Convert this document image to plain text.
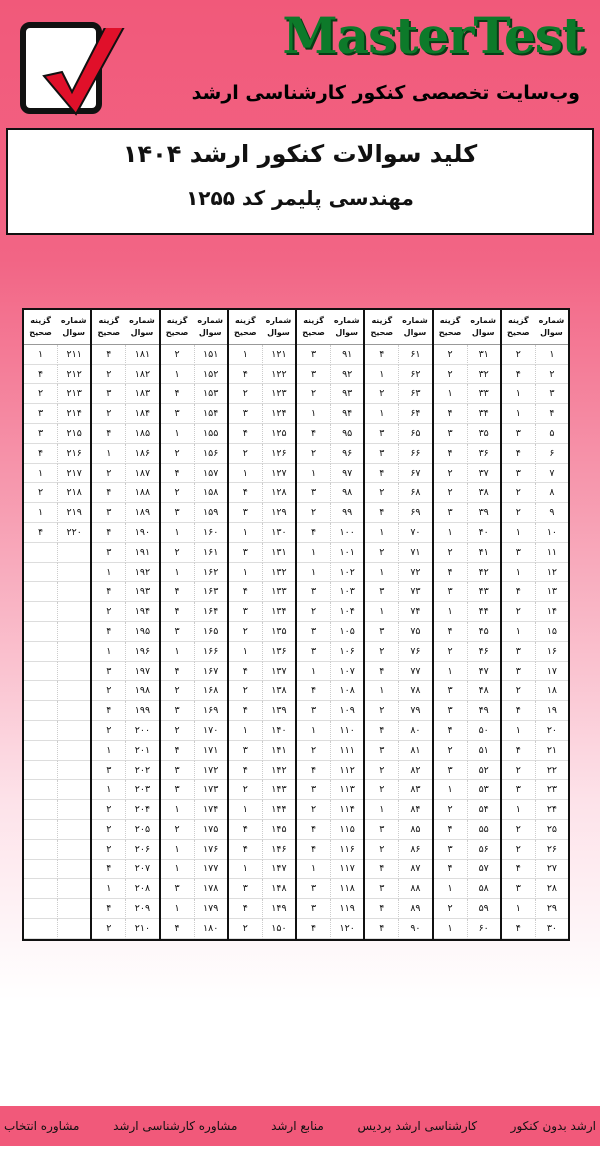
MasterTest
وب‌سایت تخصصی کنکور کارشناسی ارشد
کلید سوالات کنکور ارشد ۱۴۰۴
مهندسی پلیمر کد ۱۲۵۵
شماره
سوال
۱
۲
۳
۴
۵
۶
۷
۸
۹
۱۰
۱۱
۱۲
۱۳
۱۴
۱۵
۱۶
۱۷
۱۸
۱۹
۲۰
۲۱
۲۲
۲۳
۲۴
۲۵
۲۶
۲۷
۲۸
۲۹
۳۰
گزینه
صحیح
۲
۴
۱
۱
۳
۴
۳
۲
۲
۱
۳
۱
۴
۲
۱
۳
۳
۲
۴
۱
۴
۲
۳
۱
۲
۲
۴
۳
۱
۴
شماره
سوال
۳۱
۳۲
۳۳
۳۴
۳۵
۳۶
۳۷
۳۸
۳۹
۴۰
۴۱
۴۲
۴۳
۴۴
۴۵
۴۶
۴۷
۴۸
۴۹
۵۰
۵۱
۵۲
۵۳
۵۴
۵۵
۵۶
۵۷
۵۸
۵۹
۶۰
گزینه
صحیح
۲
۲
۱
۴
۳
۴
۲
۲
۳
۱
۲
۴
۳
۱
۴
۲
۱
۳
۳
۴
۲
۳
۱
۲
۴
۳
۴
۱
۲
۱
شماره
سوال
۶۱
۶۲
۶۳
۶۴
۶۵
۶۶
۶۷
۶۸
۶۹
۷۰
۷۱
۷۲
۷۳
۷۴
۷۵
۷۶
۷۷
۷۸
۷۹
۸۰
۸۱
۸۲
۸۳
۸۴
۸۵
۸۶
۸۷
۸۸
۸۹
۹۰
گزینه
صحیح
۴
۱
۲
۱
۳
۳
۴
۲
۴
۱
۲
۱
۳
۱
۳
۲
۴
۱
۲
۴
۳
۲
۲
۱
۳
۲
۴
۳
۴
۴
شماره
سوال
۹۱
۹۲
۹۳
۹۴
۹۵
۹۶
۹۷
۹۸
۹۹
۱۰۰
۱۰۱
۱۰۲
۱۰۳
۱۰۴
۱۰۵
۱۰۶
۱۰۷
۱۰۸
۱۰۹
۱۱۰
۱۱۱
۱۱۲
۱۱۳
۱۱۴
۱۱۵
۱۱۶
۱۱۷
۱۱۸
۱۱۹
۱۲۰
گزینه
صحیح
۳
۳
۲
۱
۴
۲
۱
۳
۲
۴
۱
۱
۳
۲
۳
۳
۱
۴
۳
۱
۲
۴
۳
۲
۴
۴
۱
۳
۳
۴
شماره
سوال
۱۲۱
۱۲۲
۱۲۳
۱۲۴
۱۲۵
۱۲۶
۱۲۷
۱۲۸
۱۲۹
۱۳۰
۱۳۱
۱۳۲
۱۳۳
۱۳۴
۱۳۵
۱۳۶
۱۳۷
۱۳۸
۱۳۹
۱۴۰
۱۴۱
۱۴۲
۱۴۳
۱۴۴
۱۴۵
۱۴۶
۱۴۷
۱۴۸
۱۴۹
۱۵۰
گزینه
صحیح
۱
۴
۲
۳
۴
۲
۱
۴
۳
۱
۳
۱
۴
۳
۲
۱
۴
۲
۴
۱
۳
۴
۲
۱
۴
۴
۱
۳
۴
۲
شماره
سوال
۱۵۱
۱۵۲
۱۵۳
۱۵۴
۱۵۵
۱۵۶
۱۵۷
۱۵۸
۱۵۹
۱۶۰
۱۶۱
۱۶۲
۱۶۳
۱۶۴
۱۶۵
۱۶۶
۱۶۷
۱۶۸
۱۶۹
۱۷۰
۱۷۱
۱۷۲
۱۷۳
۱۷۴
۱۷۵
۱۷۶
۱۷۷
۱۷۸
۱۷۹
۱۸۰
گزینه
صحیح
۲
۱
۴
۳
۱
۲
۴
۲
۳
۱
۲
۱
۴
۴
۳
۱
۴
۲
۳
۲
۴
۳
۳
۱
۲
۱
۱
۳
۱
۴
شماره
سوال
۱۸۱
۱۸۲
۱۸۳
۱۸۴
۱۸۵
۱۸۶
۱۸۷
۱۸۸
۱۸۹
۱۹۰
۱۹۱
۱۹۲
۱۹۳
۱۹۴
۱۹۵
۱۹۶
۱۹۷
۱۹۸
۱۹۹
۲۰۰
۲۰۱
۲۰۲
۲۰۳
۲۰۴
۲۰۵
۲۰۶
۲۰۷
۲۰۸
۲۰۹
۲۱۰
گزینه
صحیح
۴
۲
۳
۲
۴
۱
۲
۴
۳
۴
۳
۱
۴
۲
۴
۱
۳
۲
۴
۲
۱
۳
۱
۲
۲
۲
۴
۱
۴
۲
شماره
سوال
۲۱۱
۲۱۲
۲۱۳
۲۱۴
۲۱۵
۲۱۶
۲۱۷
۲۱۸
۲۱۹
۲۲۰
گزینه
صحیح
۱
۴
۲
۳
۳
۴
۱
۲
۱
۴
ارشد بدون کنکور
کارشناسی ارشد پردیس
منابع ارشد
مشاوره کارشناسی ارشد
مشاوره انتخاب
